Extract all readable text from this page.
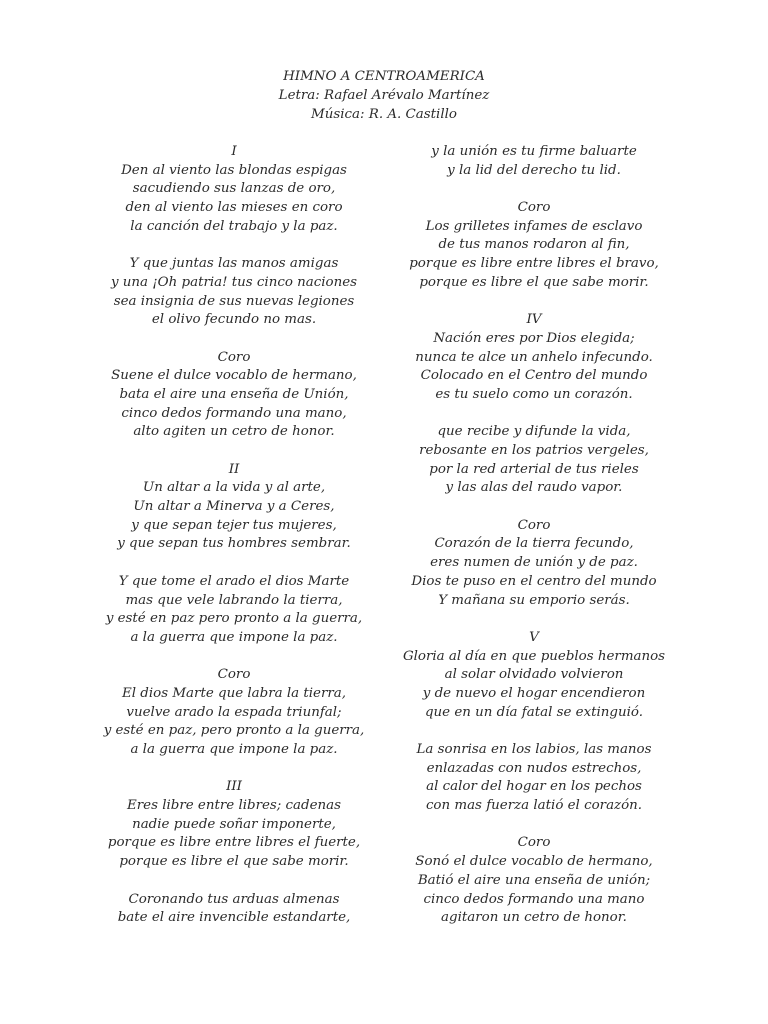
HIMNO A CENTROAMERICA
Letra: Rafael Arévalo Martínez
Música: R. A. Castillo
I
Den al viento las blondas espigas
sacudiendo sus lanzas de oro,
den al viento las mieses en coro
la canción del trabajo y la paz.
Y que juntas las manos amigas
y una ¡Oh patria! tus cinco naciones
sea insignia de sus nuevas legiones
el olivo fecundo no mas.
Coro
Suene el dulce vocablo de hermano,
bata el aire una enseña de Unión,
cinco dedos formando una mano,
alto agiten un cetro de honor.
II
Un altar a la vida y al arte,
Un altar a Minerva y a Ceres,
y que sepan tejer tus mujeres,
y que sepan tus hombres sembrar.
Y que tome el arado el dios Marte
mas que vele labrando la tierra,
y esté en paz pero pronto a la guerra,
a la guerra que impone la paz.
Coro
El dios Marte que labra la tierra,
vuelve arado la espada triunfal;
y esté en paz, pero pronto a la guerra,
a la guerra que impone la paz.
III
Eres libre entre libres; cadenas
nadie puede soñar imponerte,
porque es libre entre libres el fuerte,
porque es libre el que sabe morir.
Coronando tus arduas almenas
bate el aire invencible estandarte,
y la unión es tu firme baluarte
y la lid del derecho tu lid.
Coro
Los grilletes infames de esclavo
de tus manos rodaron al fin,
porque es libre entre libres el bravo,
porque es libre el que sabe morir.
IV
Nación eres por Dios elegida;
nunca te alce un anhelo infecundo.
Colocado en el Centro del mundo
es tu suelo como un corazón.
que recibe y difunde la vida,
rebosante en los patrios vergeles,
por la red arterial de tus rieles
y las alas del raudo vapor.
Coro
Corazón de la tierra fecundo,
eres numen de unión y de paz.
Dios te puso en el centro del mundo
Y mañana su emporio serás.
V
Gloria al día en que pueblos hermanos
al solar olvidado volvieron
y de nuevo el hogar encendieron
que en un día fatal se extinguió.
La sonrisa en los labios, las manos
enlazadas con nudos estrechos,
al calor del hogar en los pechos
con mas fuerza latió el corazón.
Coro
Sonó el dulce vocablo de hermano,
Batió el aire una enseña de unión;
cinco dedos formando una mano
agitaron un cetro de honor.
